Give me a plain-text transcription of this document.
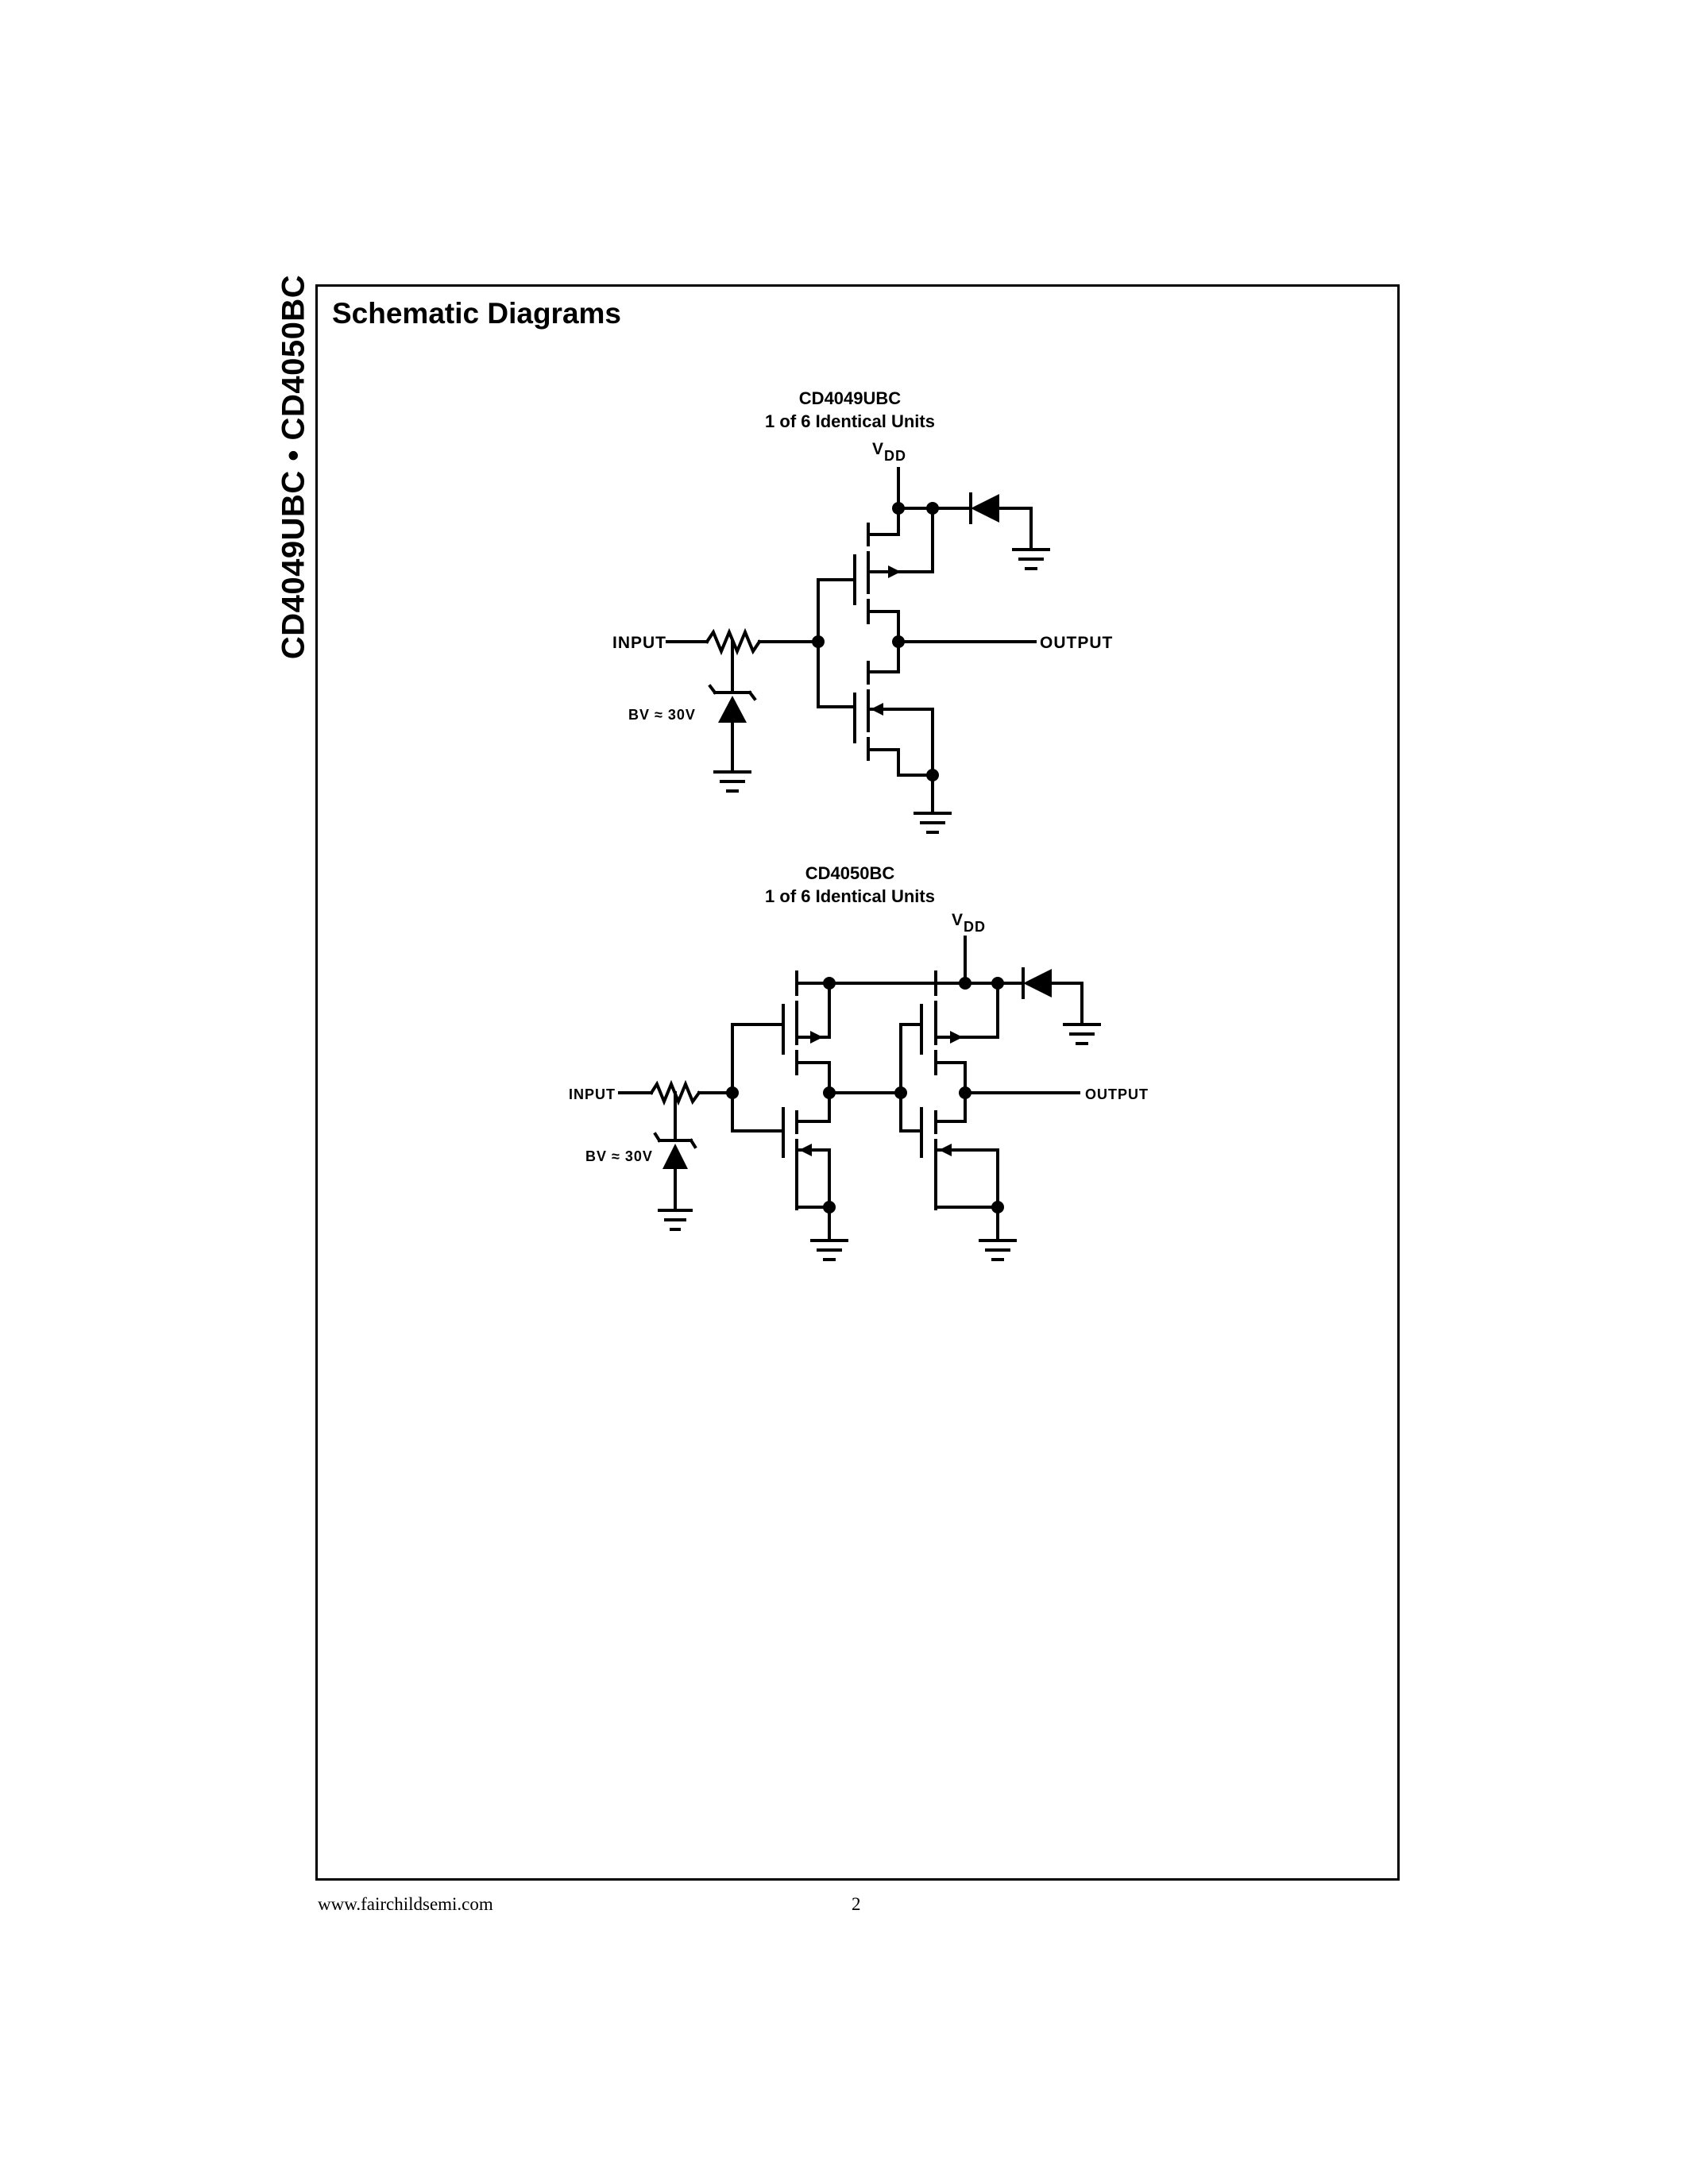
CD4049UBC • CD4050BC Schematic Diagrams
CD4049UBC
1 of 6 Identical Units
CD4050BC
1 of 6 Identical Units
VDD
OUTPUT
INPUT
BV ≈ 30V
VDD
OUTPUT
INPUT
BV ≈ 30V
www.fairchildsemi.com	2
